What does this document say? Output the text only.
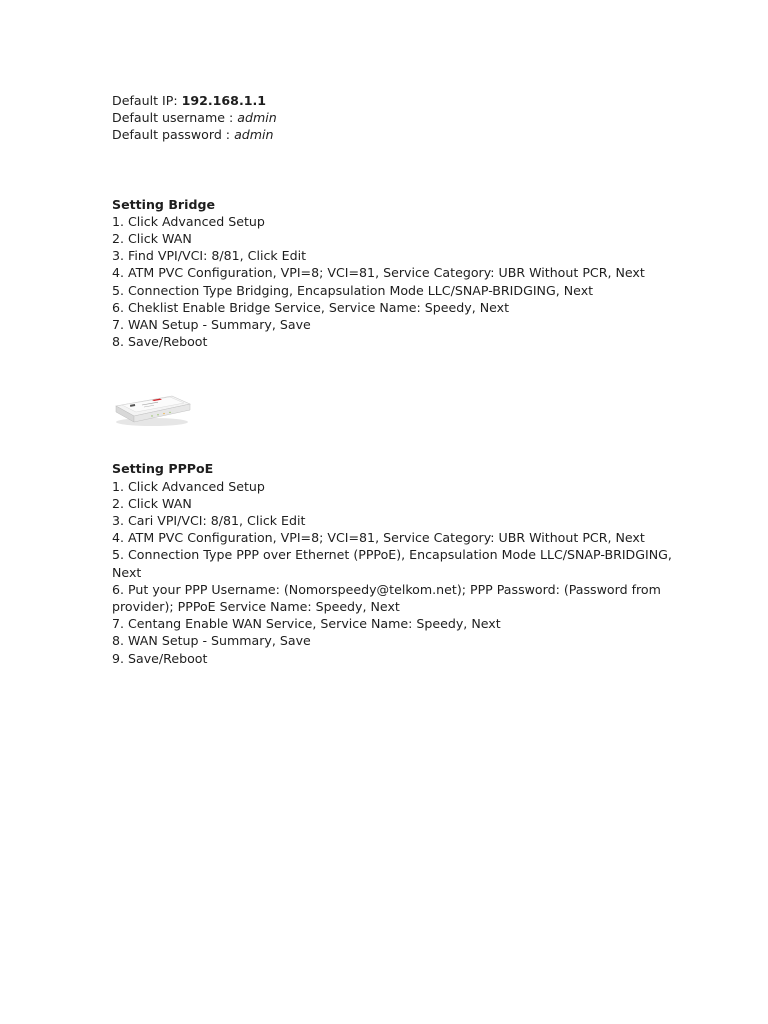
Default IP: 192.168.1.1
Default username : admin
Default password : admin
Setting Bridge
1. Click Advanced Setup
2. Click WAN
3. Find VPI/VCI: 8/81, Click Edit
4. ATM PVC Configuration, VPI=8; VCI=81, Service Category: UBR Without PCR, Next
5. Connection Type Bridging, Encapsulation Mode LLC/SNAP-BRIDGING, Next
6. Cheklist Enable Bridge Service, Service Name: Speedy, Next
7. WAN Setup - Summary, Save
8. Save/Reboot
Setting PPPoE
1. Click Advanced Setup
2. Click WAN
3. Cari VPI/VCI: 8/81, Click Edit
4. ATM PVC Configuration, VPI=8; VCI=81, Service Category: UBR Without PCR, Next
5. Connection Type PPP over Ethernet (PPPoE), Encapsulation Mode LLC/SNAP-BRIDGING, Next
6. Put your PPP Username: (Nomorspeedy@telkom.net); PPP Password: (Password from provider); PPPoE Service Name: Speedy, Next
7. Centang Enable WAN Service, Service Name: Speedy, Next
8. WAN Setup - Summary, Save
9. Save/Reboot
